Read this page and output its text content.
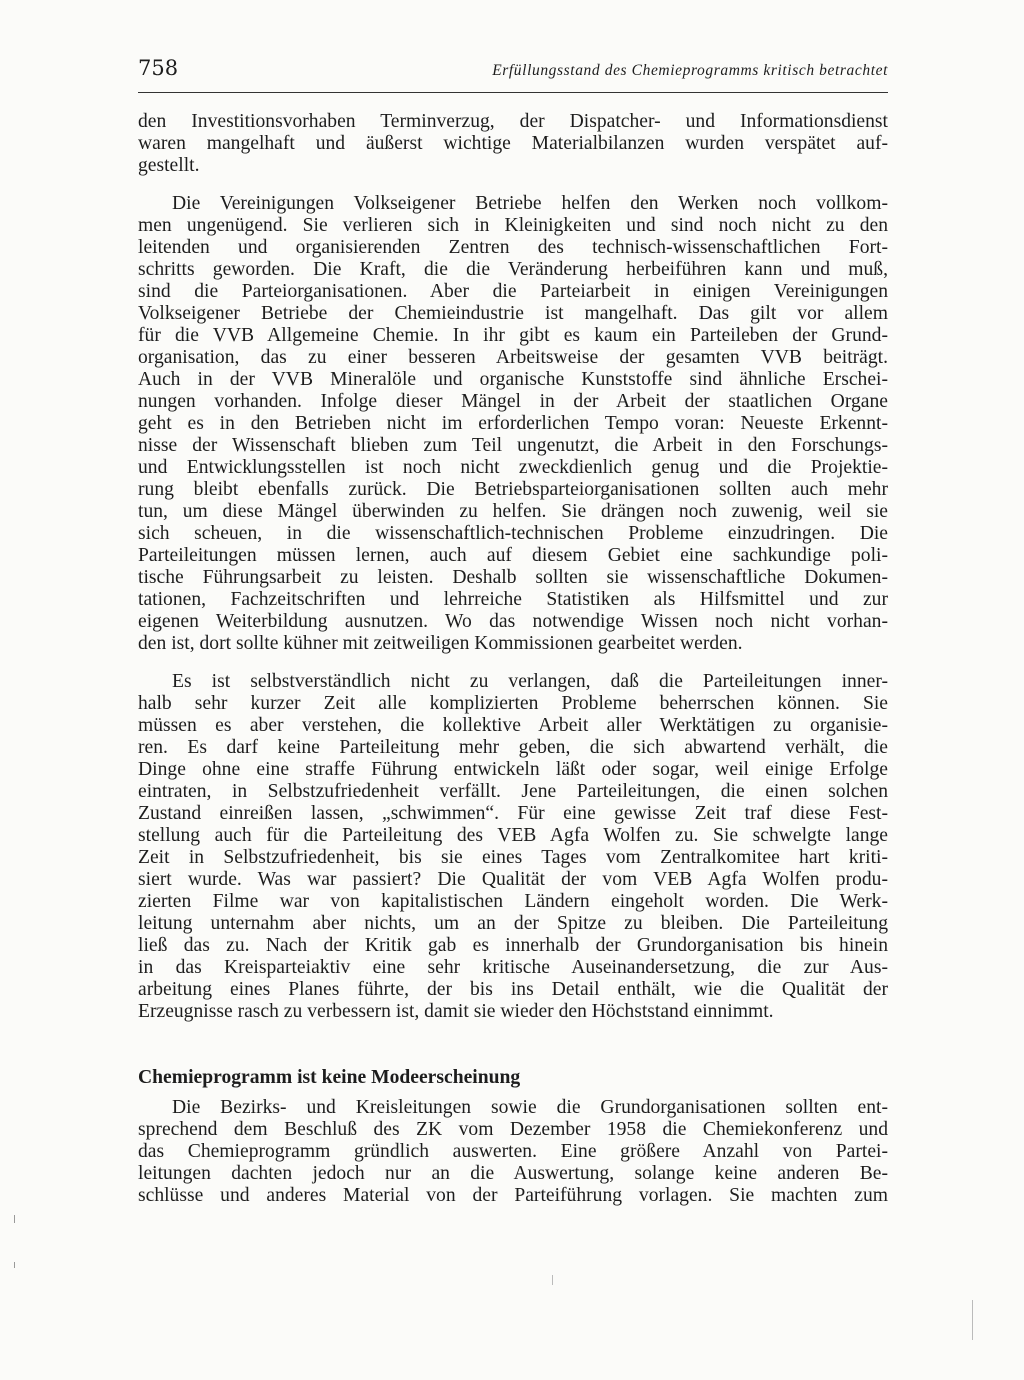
758	Erfüllungsstand des Chemieprogramms kritisch betrachtet
den Investitionsvorhaben Terminverzug, der Dispatcher- und Informationsdienst
waren mangelhaft und äußerst wichtige Materialbilanzen wurden verspätet auf-
gestellt.
Die Vereinigungen Volkseigener Betriebe helfen den Werken noch vollkom-
men ungenügend. Sie verlieren sich in Kleinigkeiten und sind noch nicht zu den
leitenden und organisierenden Zentren des technisch-wissenschaftlichen Fort-
schritts geworden. Die Kraft, die die Veränderung herbeiführen kann und muß,
sind die Parteiorganisationen. Aber die Parteiarbeit in einigen Vereinigungen
Volkseigener Betriebe der Chemieindustrie ist mangelhaft. Das gilt vor allem
für die VVB Allgemeine Chemie. In ihr gibt es kaum ein Parteileben der Grund-
organisation, das zu einer besseren Arbeitsweise der gesamten VVB beiträgt.
Auch in der VVB Mineralöle und organische Kunststoffe sind ähnliche Erschei-
nungen vorhanden. Infolge dieser Mängel in der Arbeit der staatlichen Organe
geht es in den Betrieben nicht im erforderlichen Tempo voran: Neueste Erkennt-
nisse der Wissenschaft blieben zum Teil ungenutzt, die Arbeit in den Forschungs-
und Entwicklungsstellen ist noch nicht zweckdienlich genug und die Projektie-
rung bleibt ebenfalls zurück. Die Betriebsparteiorganisationen sollten auch mehr
tun, um diese Mängel überwinden zu helfen. Sie drängen noch zuwenig, weil sie
sich scheuen, in die wissenschaftlich-technischen Probleme einzudringen. Die
Parteileitungen müssen lernen, auch auf diesem Gebiet eine sachkundige poli-
tische Führungsarbeit zu leisten. Deshalb sollten sie wissenschaftliche Dokumen-
tationen, Fachzeitschriften und lehrreiche Statistiken als Hilfsmittel und zur
eigenen Weiterbildung ausnutzen. Wo das notwendige Wissen noch nicht vorhan-
den ist, dort sollte kühner mit zeitweiligen Kommissionen gearbeitet werden.
Es ist selbstverständlich nicht zu verlangen, daß die Parteileitungen inner-
halb sehr kurzer Zeit alle komplizierten Probleme beherrschen können. Sie
müssen es aber verstehen, die kollektive Arbeit aller Werktätigen zu organisie-
ren. Es darf keine Parteileitung mehr geben, die sich abwartend verhält, die
Dinge ohne eine straffe Führung entwickeln läßt oder sogar, weil einige Erfolge
eintraten, in Selbstzufriedenheit verfällt. Jene Parteileitungen, die einen solchen
Zustand einreißen lassen, „schwimmen“. Für eine gewisse Zeit traf diese Fest-
stellung auch für die Parteileitung des VEB Agfa Wolfen zu. Sie schwelgte lange
Zeit in Selbstzufriedenheit, bis sie eines Tages vom Zentralkomitee hart kriti-
siert wurde. Was war passiert? Die Qualität der vom VEB Agfa Wolfen produ-
zierten Filme war von kapitalistischen Ländern eingeholt worden. Die Werk-
leitung unternahm aber nichts, um an der Spitze zu bleiben. Die Parteileitung
ließ das zu. Nach der Kritik gab es innerhalb der Grundorganisation bis hinein
in das Kreisparteiaktiv eine sehr kritische Auseinandersetzung, die zur Aus-
arbeitung eines Planes führte, der bis ins Detail enthält, wie die Qualität der
Erzeugnisse rasch zu verbessern ist, damit sie wieder den Höchststand einnimmt.
Chemieprogramm ist keine Modeerscheinung
Die Bezirks- und Kreisleitungen sowie die Grundorganisationen sollten ent-
sprechend dem Beschluß des ZK vom Dezember 1958 die Chemiekonferenz und
das Chemieprogramm gründlich auswerten. Eine größere Anzahl von Partei-
leitungen dachten jedoch nur an die Auswertung, solange keine anderen Be-
schlüsse und anderes Material von der Parteiführung vorlagen. Sie machten zum
